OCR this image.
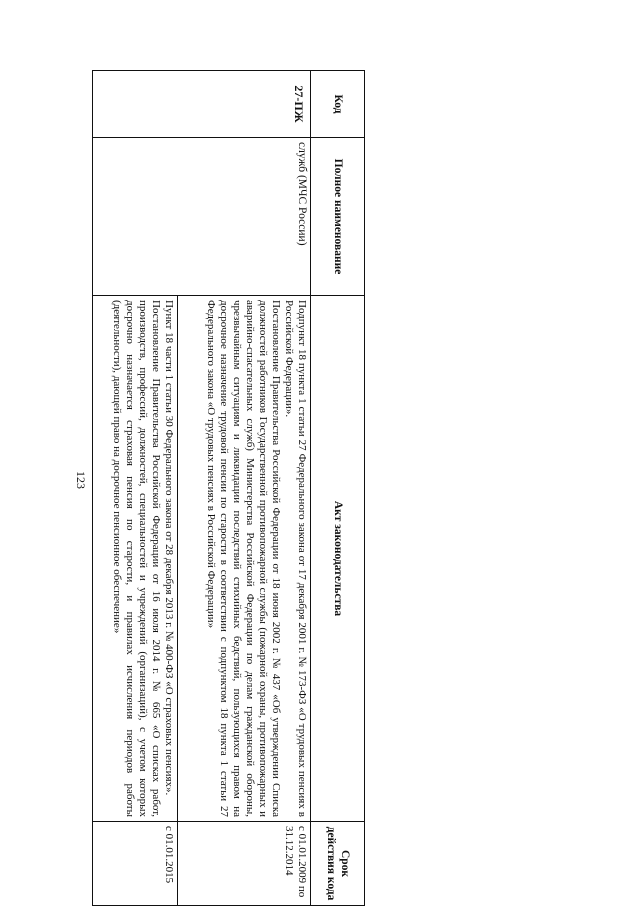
123
Код	Полное наименование	Акт законодательства	Срок действия кода
27-ПЖ	служб (МЧС России)	Подпункт 18 пункта 1 статьи 27 Федерального закона от 17 декабря 2001 г. № 173-ФЗ «О трудовых пенсиях в Российской Федерации».

Постановление Правительства Российской Федерации от 18 июня 2002 г. № 437 «Об утверждении Списка должностей работников Государственной противопожарной службы (пожарной охраны, противопожарных и аварийно-спасательных служб) Министерства Российской Федерации по делам гражданской обороны, чрезвычайным ситуациям и ликвидации последствий стихийных бедствий, пользующихся правом на досрочное назначение трудовой пенсии по старости в соответствии с подпунктом 18 пункта 1 статьи 27 Федерального закона «О трудовых пенсиях в Российской Федерации»	с 01.01.2009 по 31.12.2014

		Пункт 18 части 1 статьи 30 Федерального закона от 28 декабря 2013 г. № 400-ФЗ «О страховых пенсиях».

Постановление Правительства Российской Федерации от 16 июля 2014 г. № 665 «О списках работ, производств, профессий, должностей, специальностей и учреждений (организаций), с учетом которых досрочно назначается страховая пенсия по старости, и правилах исчисления периодов работы (деятельности), дающей право на досрочное пенсионное обеспечение»	с 01.01.2015
